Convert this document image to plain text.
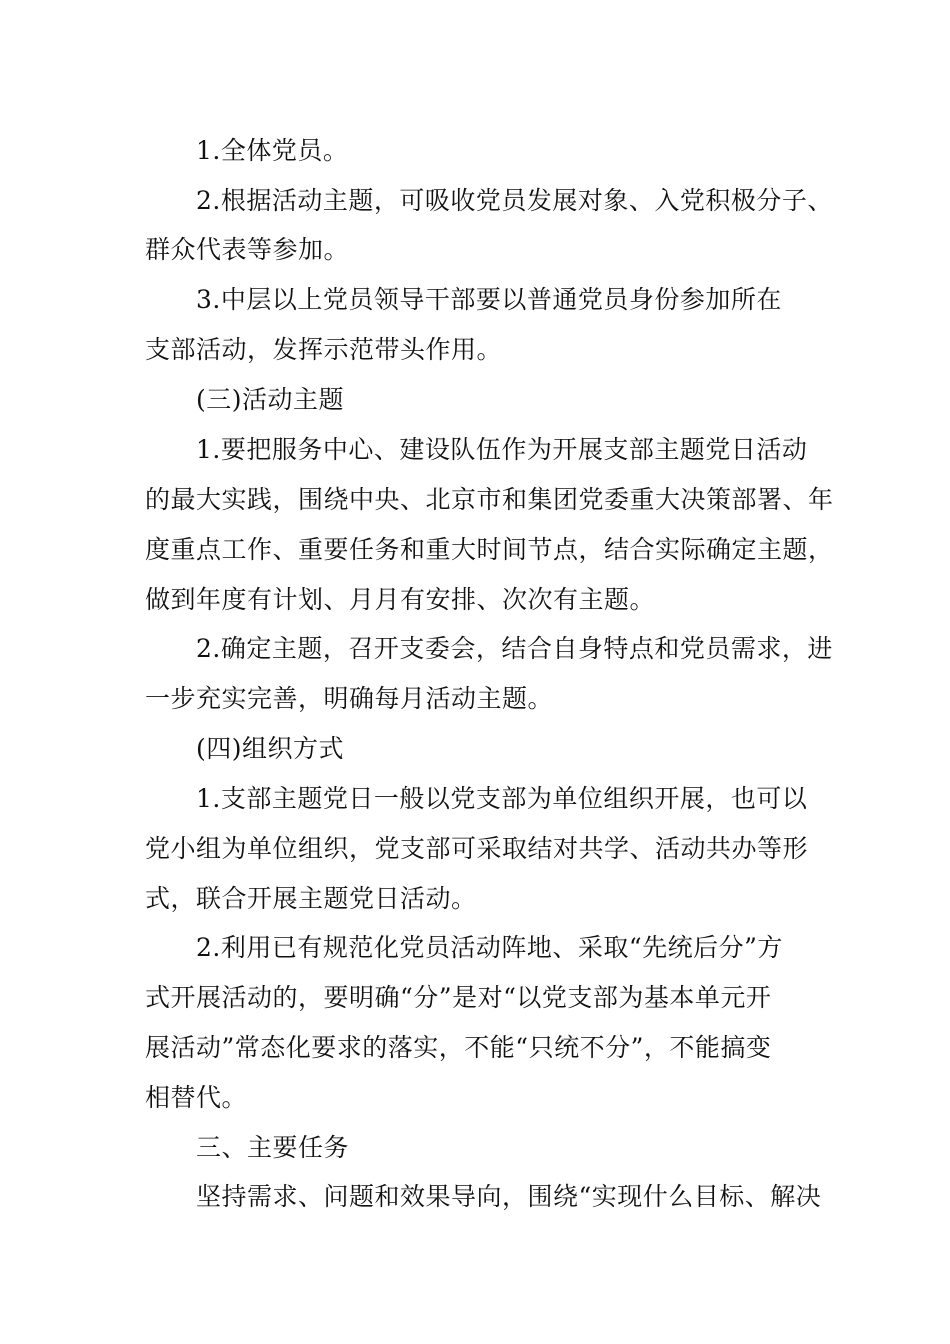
1.全体党员。
2.根据活动主题，可吸收党员发展对象、入党积极分子、
群众代表等参加。
3.中层以上党员领导干部要以普通党员身份参加所在
支部活动，发挥示范带头作用。
(三)活动主题
1.要把服务中心、建设队伍作为开展支部主题党日活动
的最大实践，围绕中央、北京市和集团党委重大决策部署、年
度重点工作、重要任务和重大时间节点，结合实际确定主题，
做到年度有计划、月月有安排、次次有主题。
2.确定主题，召开支委会，结合自身特点和党员需求，进
一步充实完善，明确每月活动主题。
(四)组织方式
1.支部主题党日一般以党支部为单位组织开展，也可以
党小组为单位组织，党支部可采取结对共学、活动共办等形
式，联合开展主题党日活动。
2.利用已有规范化党员活动阵地、采取“先统后分”方
式开展活动的，要明确“分”是对“以党支部为基本单元开
展活动”常态化要求的落实，不能“只统不分”，不能搞变
相替代。
三、主要任务
坚持需求、问题和效果导向，围绕“实现什么目标、解决
